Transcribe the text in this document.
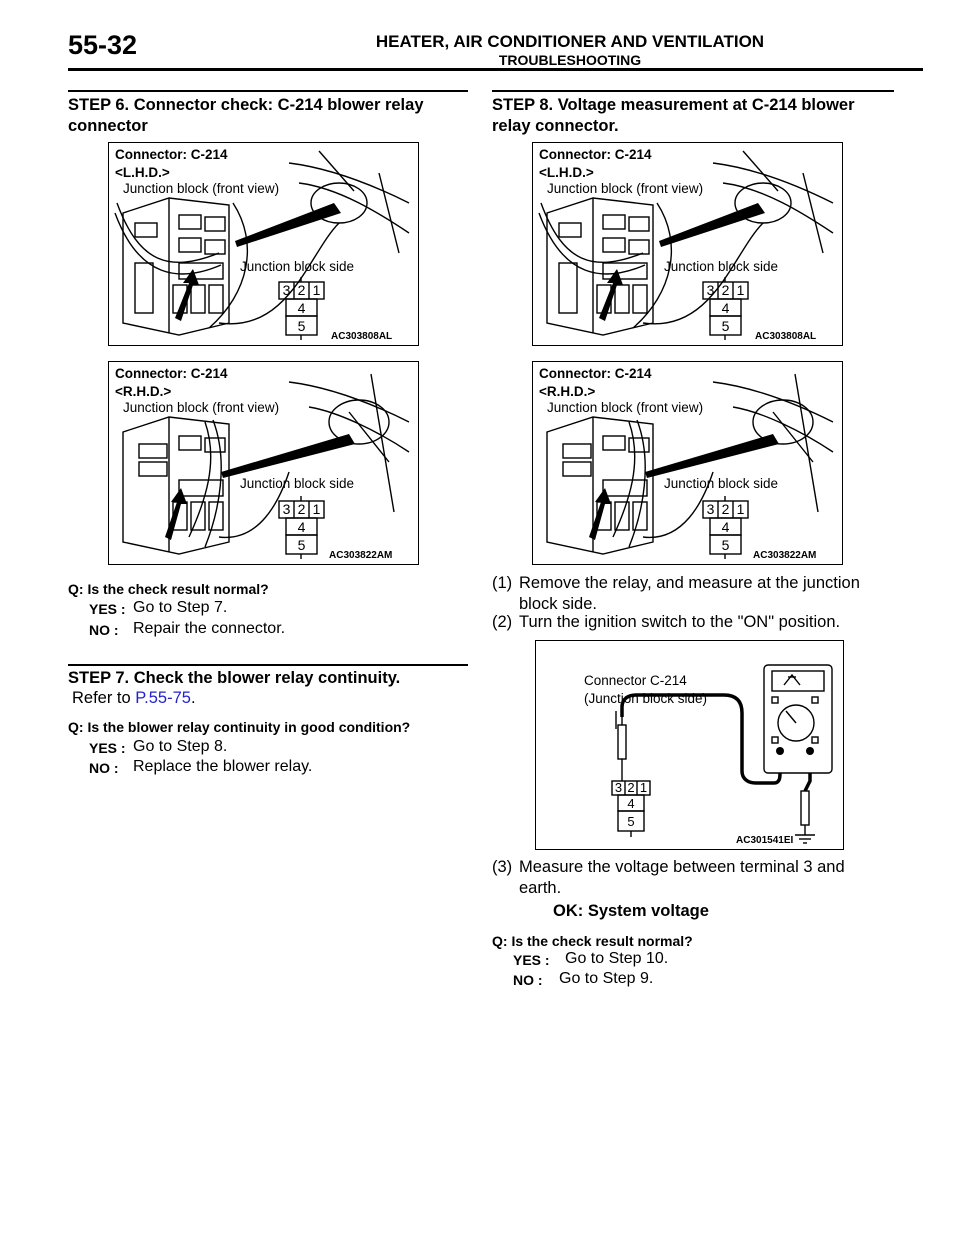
55-32	HEATER, AIR CONDITIONER AND VENTILATION
TROUBLESHOOTING
STEP 6. Connector check: C-214 blower relay
connector
Connector: C-214
<L.H.D.>
Junction block (front view)
Junction block side
3 2 1
4
5
AC303808AL
Connector: C-214
<R.H.D.>
Junction block (front view)
Junction block side
3 2 1
4
5
AC303822AM
Q: Is the check result normal?
YES : Go to Step 7.
NO : Repair the connector.
STEP 7. Check the blower relay continuity.
Refer to P.55-75.
Q: Is the blower relay continuity in good condition?
YES : Go to Step 8.
NO : Replace the blower relay.
STEP 8. Voltage measurement at C-214 blower
relay connector.
Connector: C-214
<L.H.D.>
Junction block (front view)
Junction block side
3 2 1
4
5
AC303808AL
Connector: C-214
<R.H.D.>
Junction block (front view)
Junction block side
3 2 1
4
5
AC303822AM
(1) Remove the relay, and measure at the junction
block side.
(2) Turn the ignition switch to the "ON" position.
Connector C-214
(Junction block side)
3 2 1
4
5
AC301541EI
(3) Measure the voltage between terminal 3 and
earth.
OK: System voltage
Q: Is the check result normal?
YES : Go to Step 10.
NO : Go to Step 9.
